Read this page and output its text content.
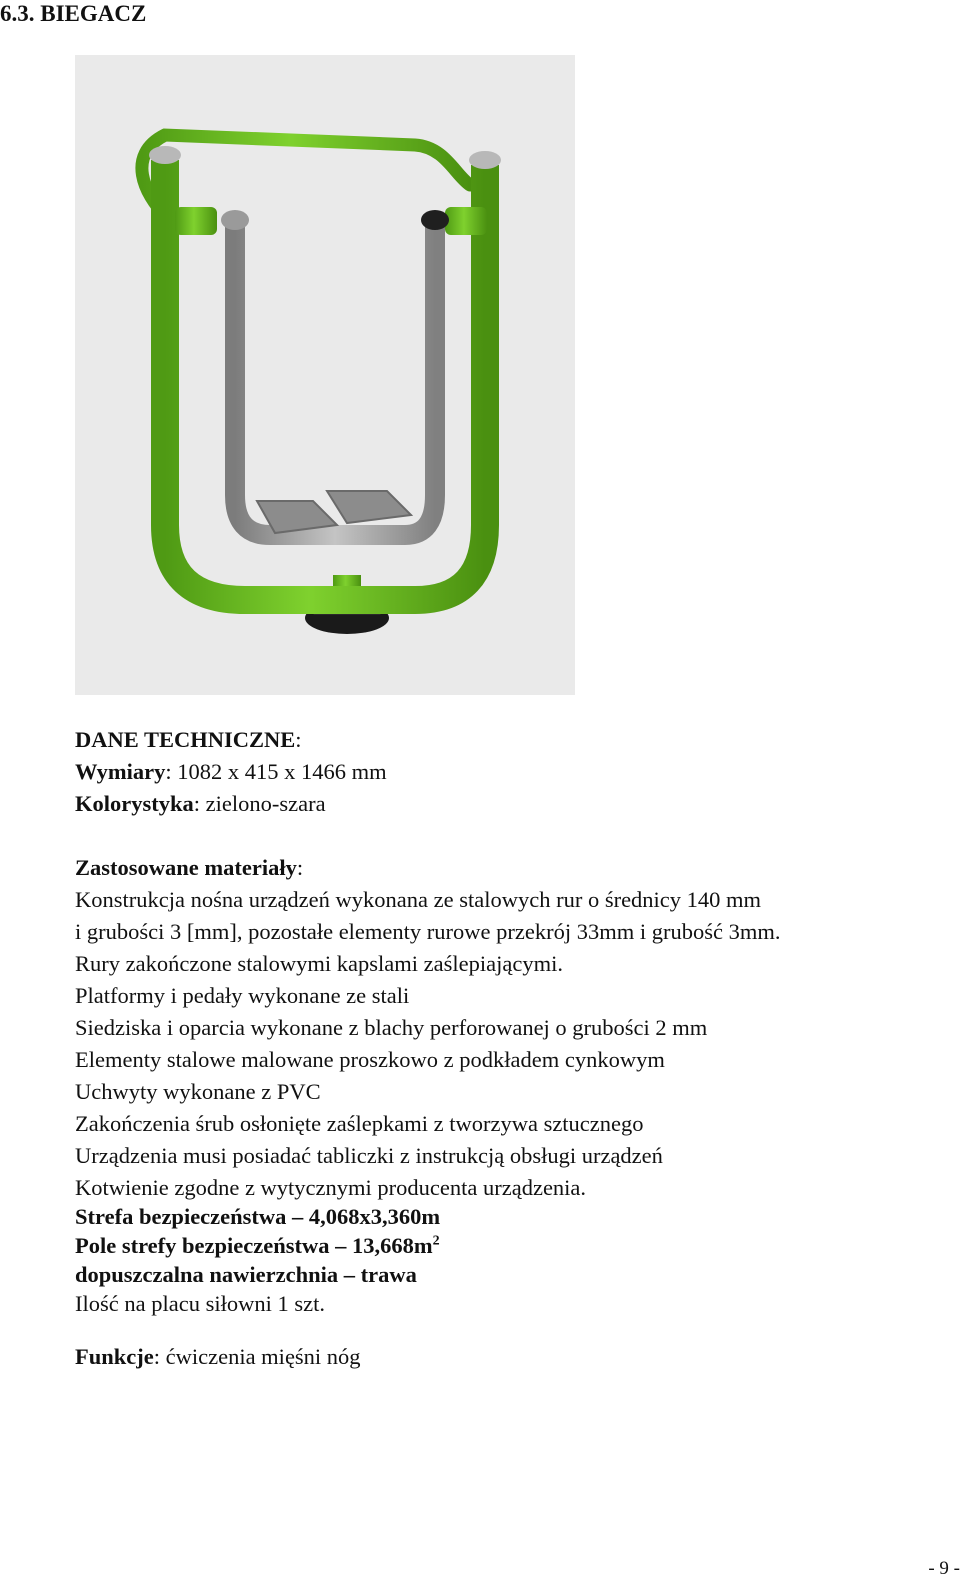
6.3. BIEGACZ
DANE TECHNICZNE:
Wymiary: 1082 x 415 x 1466 mm
Kolorystyka: zielono-szara
Zastosowane materiały:
Konstrukcja nośna urządzeń wykonana ze stalowych rur o średnicy 140 mm
i grubości 3 [mm], pozostałe elementy rurowe przekrój 33mm i grubość 3mm.
Rury zakończone stalowymi kapslami zaślepiającymi.
Platformy i pedały wykonane ze stali
Siedziska i oparcia wykonane z blachy perforowanej o grubości 2 mm
Elementy stalowe malowane proszkowo z podkładem cynkowym
Uchwyty wykonane z PVC
Zakończenia śrub osłonięte zaślepkami z tworzywa sztucznego
Urządzenia musi posiadać tabliczki z instrukcją obsługi urządzeń
Kotwienie zgodne z wytycznymi producenta urządzenia.
Strefa bezpieczeństwa – 4,068x3,360m
Pole strefy bezpieczeństwa – $13,668m^2$
dopuszczalna nawierzchnia – trawa
Ilość na placu siłowni 1 szt.
Funkcje: ćwiczenia mięśni nóg
- 9 -
